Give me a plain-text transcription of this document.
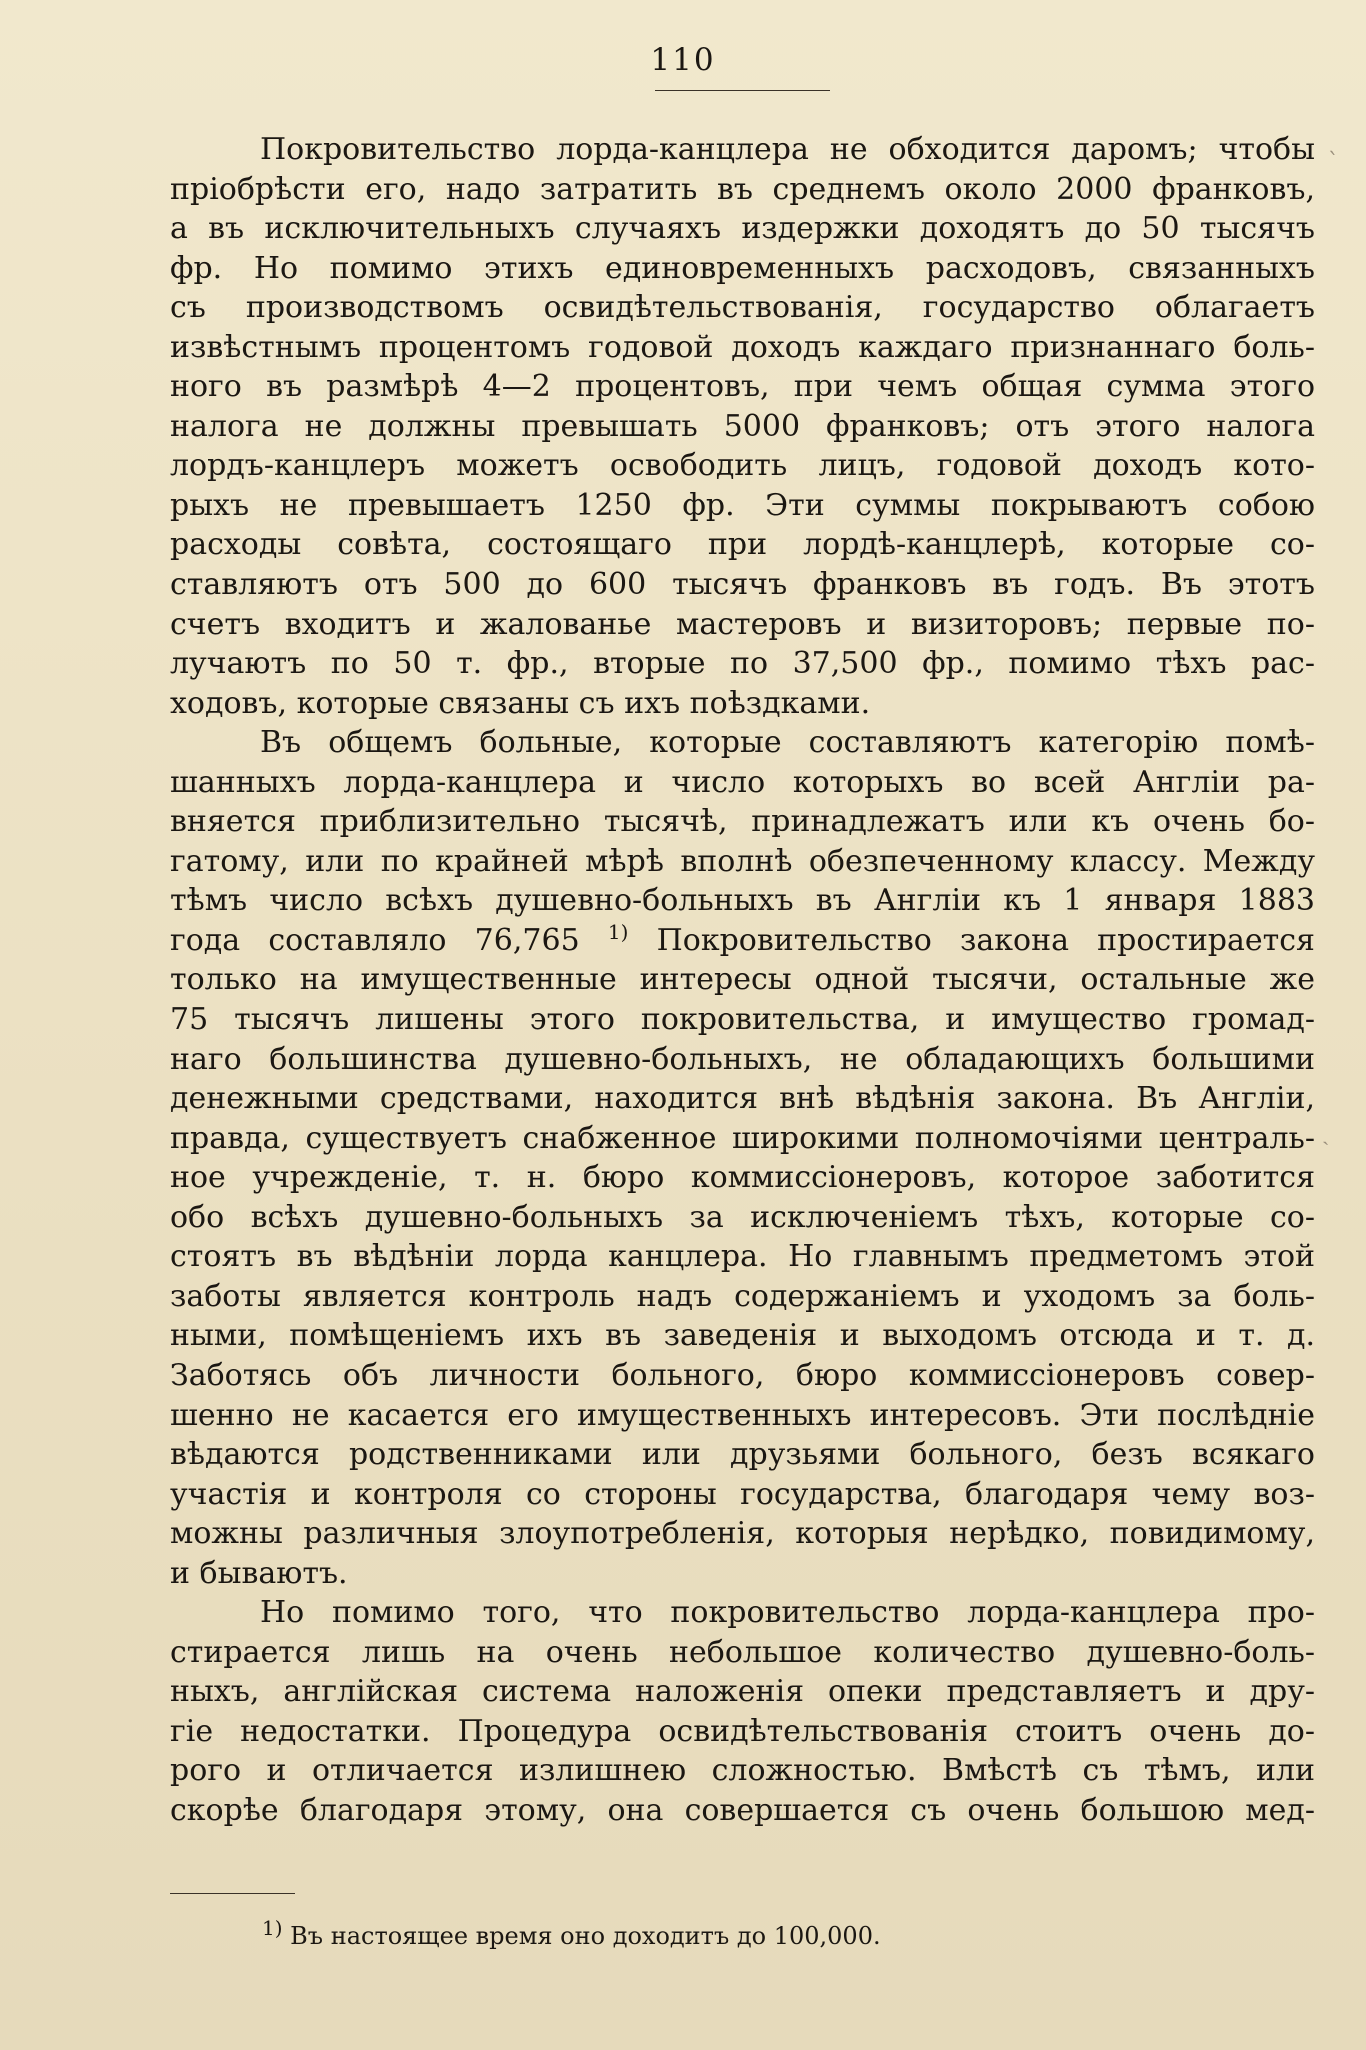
110
ˋ
ˎ
Покровительство лорда-канцлера не обходится даромъ; чтобы
пріобрѣсти его, надо затратить въ среднемъ около 2000 франковъ,
а въ исключительныхъ случаяхъ издержки доходятъ до 50 тысячъ
фр. Но помимо этихъ единовременныхъ расходовъ, связанныхъ
съ производствомъ освидѣтельствованія, государство облагаетъ
извѣстнымъ процентомъ годовой доходъ каждаго признаннаго боль-
ного въ размѣрѣ 4—2 процентовъ, при чемъ общая сумма этого
налога не должны превышать 5000 франковъ; отъ этого налога
лордъ-канцлеръ можетъ освободить лицъ, годовой доходъ кото-
рыхъ не превышаетъ 1250 фр. Эти суммы покрываютъ собою
расходы совѣта, состоящаго при лордѣ-канцлерѣ, которые со-
ставляютъ отъ 500 до 600 тысячъ франковъ въ годъ. Въ этотъ
счетъ входитъ и жалованье мастеровъ и визиторовъ; первые по-
лучаютъ по 50 т. фр., вторые по 37,500 фр., помимо тѣхъ рас-
ходовъ, которые связаны съ ихъ поѣздками.
Въ общемъ больные, которые составляютъ категорію помѣ-
шанныхъ лорда-канцлера и число которыхъ во всей Англіи ра-
вняется приблизительно тысячѣ, принадлежатъ или къ очень бо-
гатому, или по крайней мѣрѣ вполнѣ обезпеченному классу. Между
тѣмъ число всѣхъ душевно-больныхъ въ Англіи къ 1 января 1883
года составляло 76,765 $^{1)}$ Покровительство закона простирается
только на имущественные интересы одной тысячи, остальные же
75 тысячъ лишены этого покровительства, и имущество громад-
наго большинства душевно-больныхъ, не обладающихъ большими
денежными средствами, находится внѣ вѣдѣнія закона. Въ Англіи,
правда, существуетъ снабженное широкими полномочіями централь-
ное учрежденіе, т. н. бюро коммиссіонеровъ, которое заботится
обо всѣхъ душевно-больныхъ за исключеніемъ тѣхъ, которые со-
стоятъ въ вѣдѣніи лорда канцлера. Но главнымъ предметомъ этой
заботы является контроль надъ содержаніемъ и уходомъ за боль-
ными, помѣщеніемъ ихъ въ заведенія и выходомъ отсюда и т. д.
Заботясь объ личности больного, бюро коммиссіонеровъ совер-
шенно не касается его имущественныхъ интересовъ. Эти послѣдніе
вѣдаются родственниками или друзьями больного, безъ всякаго
участія и контроля со стороны государства, благодаря чему воз-
можны различныя злоупотребленія, которыя нерѣдко, повидимому,
и бываютъ.
Но помимо того, что покровительство лорда-канцлера про-
стирается лишь на очень небольшое количество душевно-боль-
ныхъ, англійская система наложенія опеки представляетъ и дру-
гіе недостатки. Процедура освидѣтельствованія стоитъ очень до-
рого и отличается излишнею сложностью. Вмѣстѣ съ тѣмъ, или
скорѣе благодаря этому, она совершается съ очень большою мед-
$^{1)}$ Въ настоящее время оно доходитъ до 100,000.
